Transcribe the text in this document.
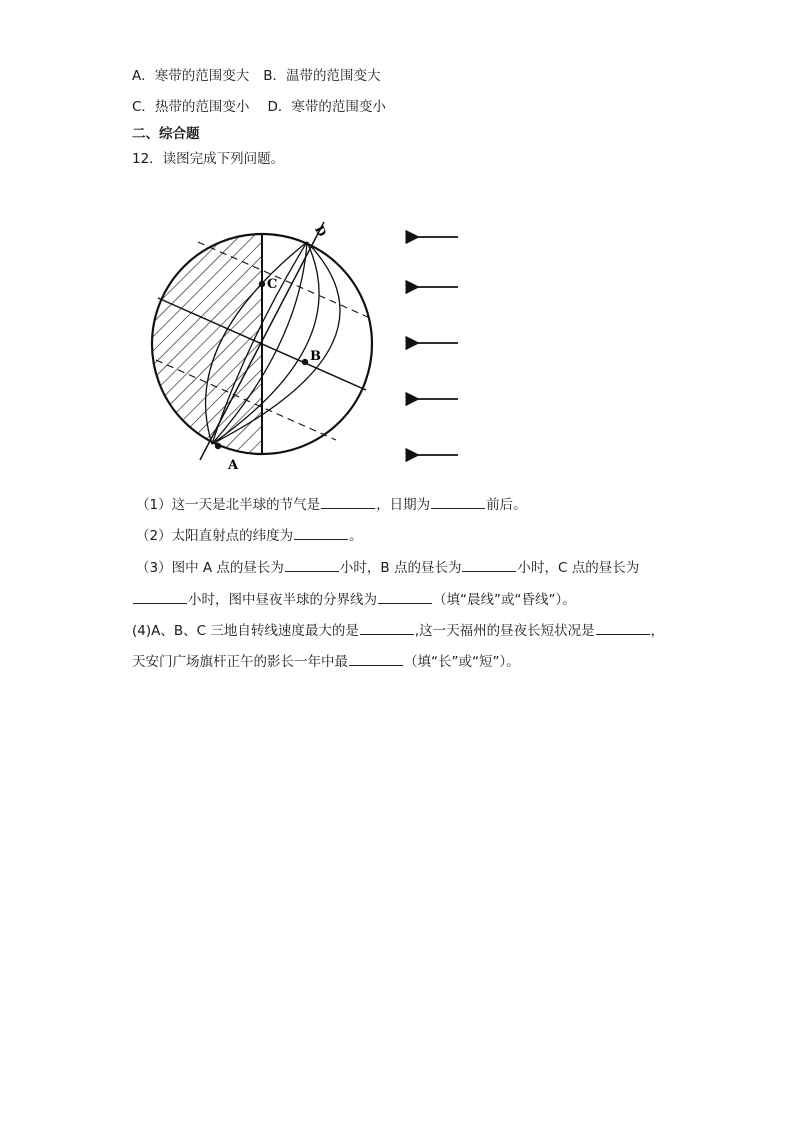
A．寒带的范围变大 B．温带的范围变大
C．热带的范围变小 D．寒带的范围变小
二、综合题
12．读图完成下列问题。
A
B
C
D
（1）这一天是北半球的节气是	，日期为	前后。
（2）太阳直射点的纬度为	。
（3）图中 A 点的昼长为	小时，B 点的昼长为	小时，C 点的昼长为
小时，图中昼夜半球的分界线为	（填“晨线”或“昏线”）。
(4)A、B、C 三地自转线速度最大的是	,这一天福州的昼夜长短状况是	，
天安门广场旗杆正午的影长一年中最	（填“长”或“短”）。
